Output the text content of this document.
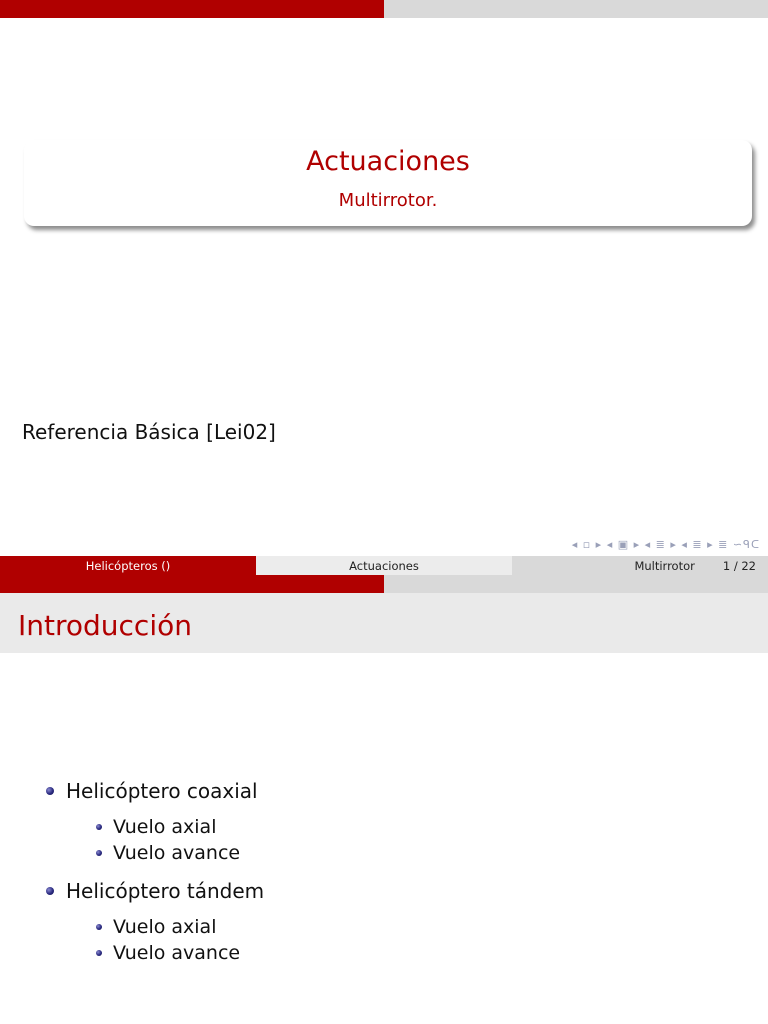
Actuaciones
Multirrotor.
Referencia Básica [Lei02]
◂ ▫ ▸ ◂ ▣ ▸ ◂ ≣ ▸ ◂ ≣ ▸ ≣ ∽ᑫᑕ
Helicópteros ()	Actuaciones	Multirrotor 1 / 22
Introducción
Helicóptero coaxial
Vuelo axial
Vuelo avance
Helicóptero tándem
Vuelo axial
Vuelo avance
